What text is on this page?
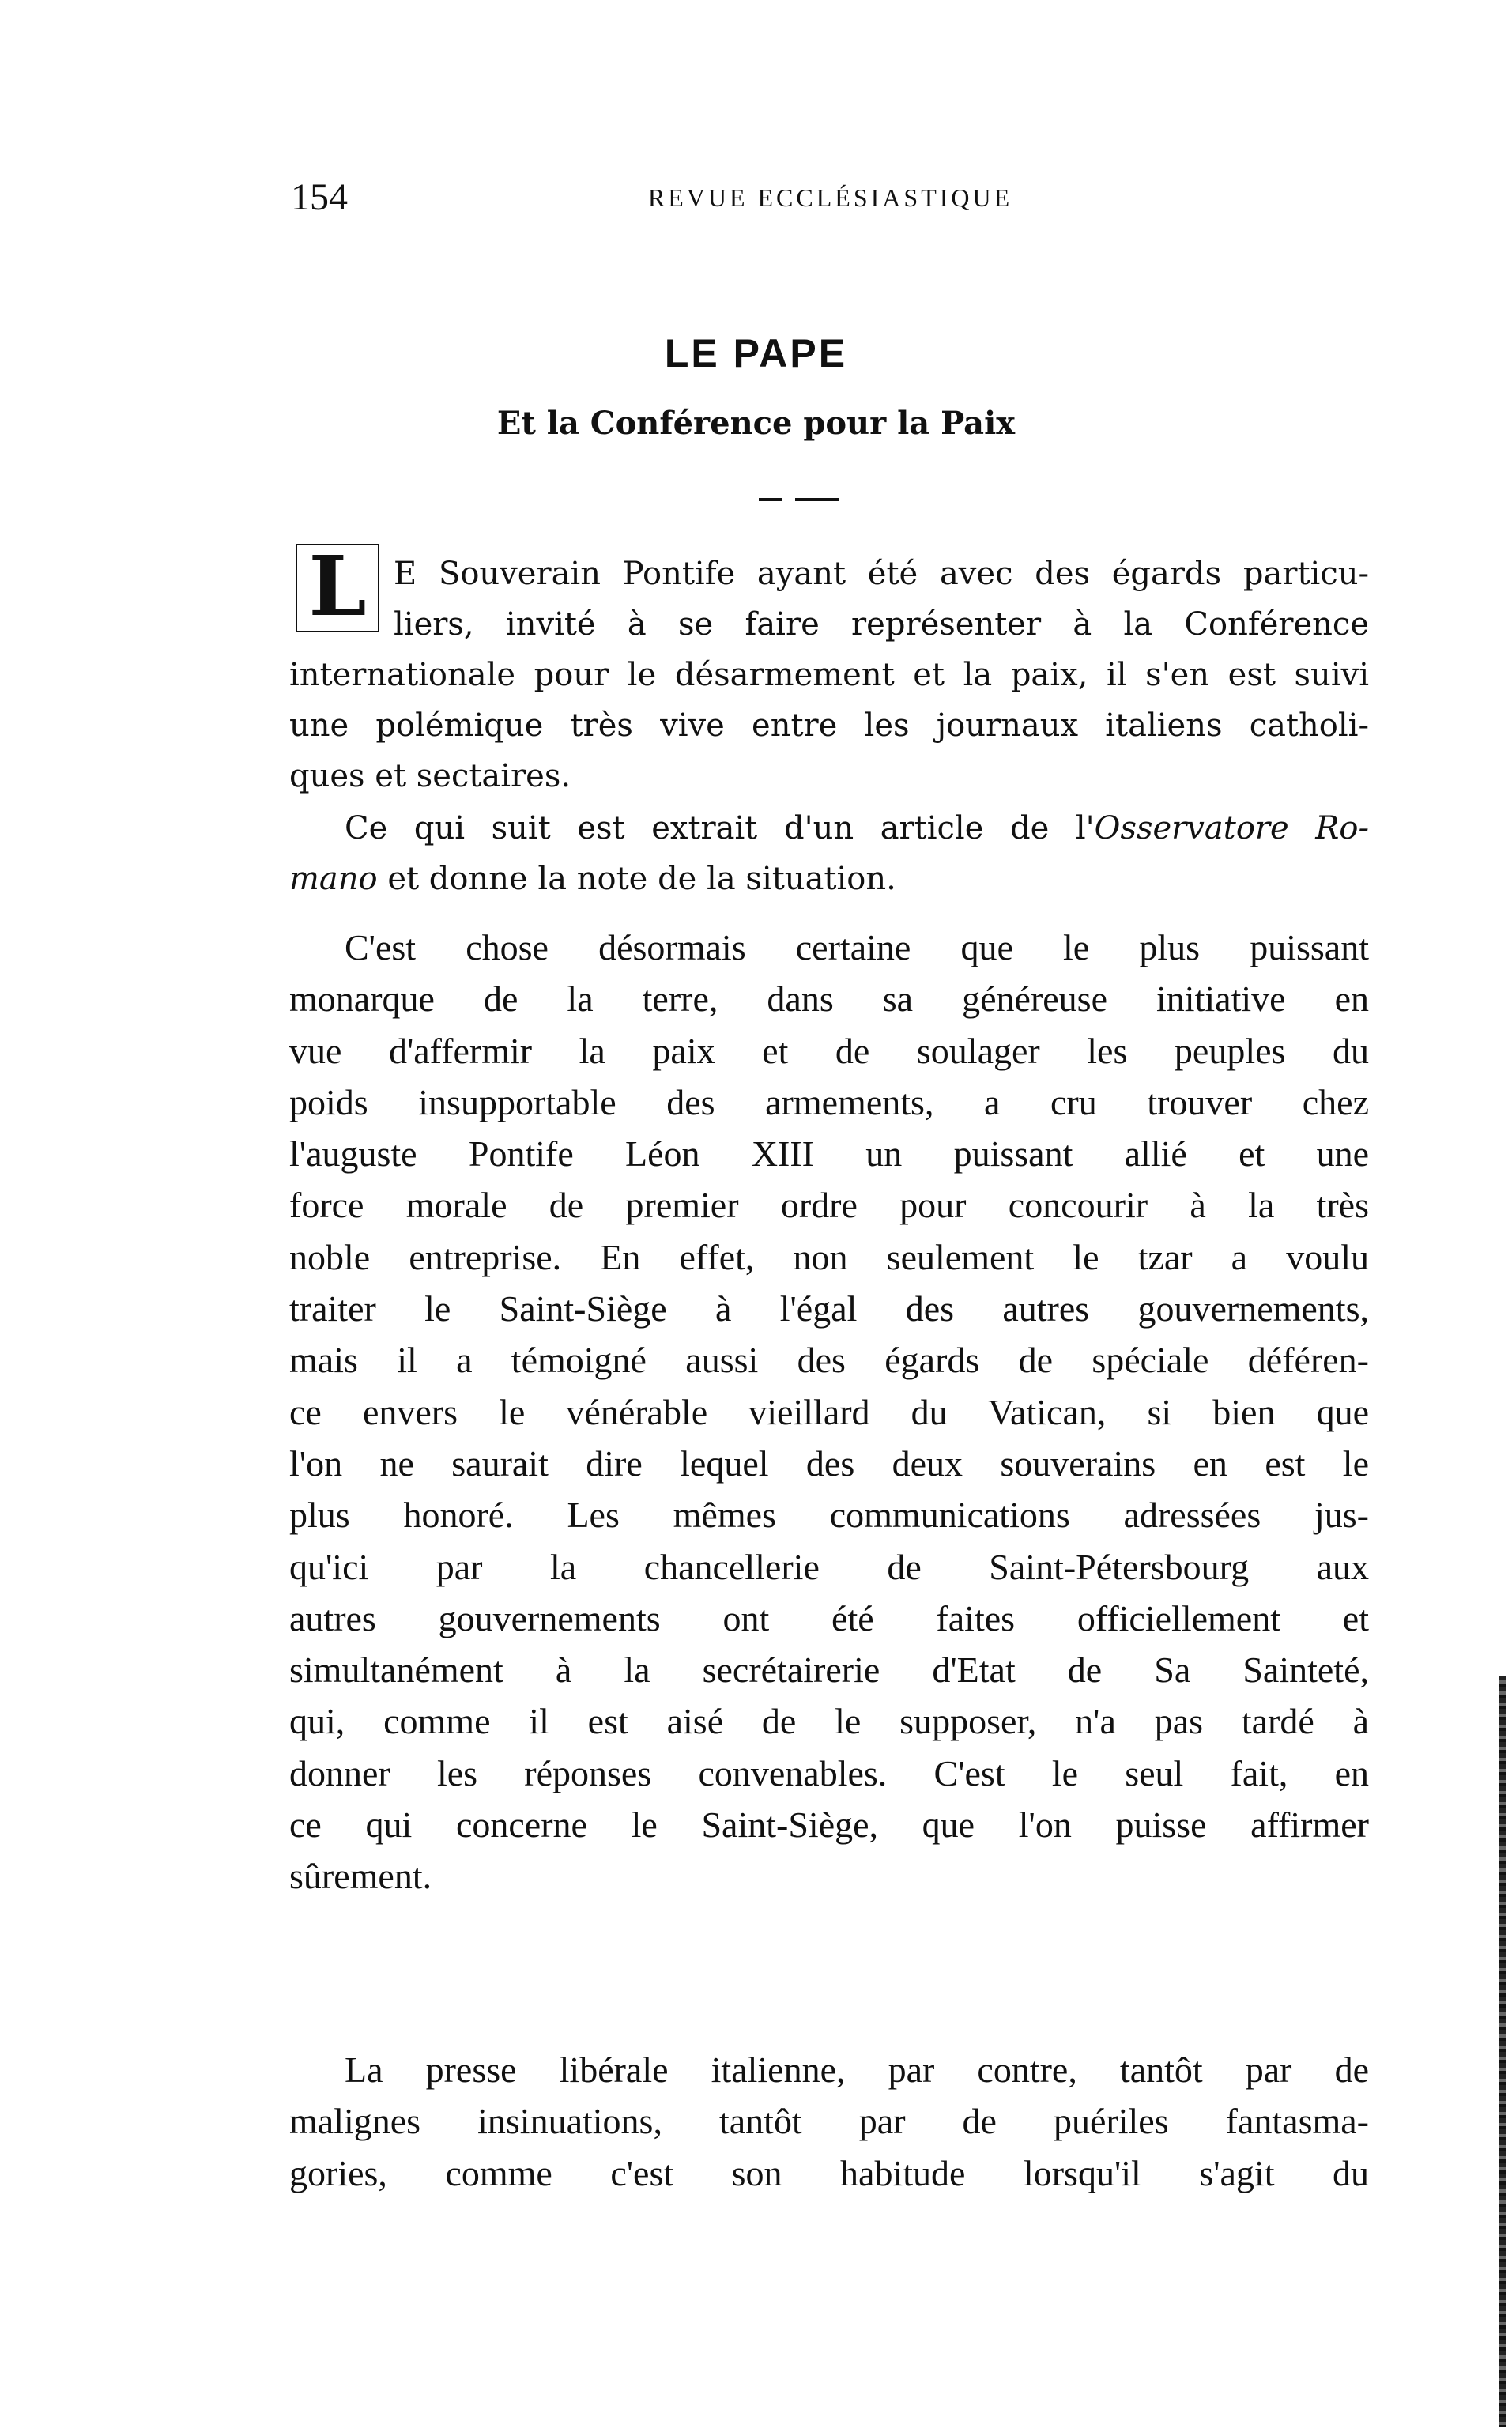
154	REVUE ECCLÉSIASTIQUE
LE PAPE
Et la Conférence pour la Paix
L E Souverain Pontife ayant été avec des égards particu-
liers, invité à se faire représenter à la Conférence
internationale pour le désarmement et la paix, il s'en est suivi
une polémique très vive entre les journaux italiens catholi-
ques et sectaires.
Ce qui suit est extrait d'un article de l'Osservatore Ro-
mano et donne la note de la situation.
C'est chose désormais certaine que le plus puissant
monarque de la terre, dans sa généreuse initiative en
vue d'affermir la paix et de soulager les peuples du
poids insupportable des armements, a cru trouver chez
l'auguste Pontife Léon XIII un puissant allié et une
force morale de premier ordre pour concourir à la très
noble entreprise. En effet, non seulement le tzar a voulu
traiter le Saint-Siège à l'égal des autres gouvernements,
mais il a témoigné aussi des égards de spéciale déféren-
ce envers le vénérable vieillard du Vatican, si bien que
l'on ne saurait dire lequel des deux souverains en est le
plus honoré. Les mêmes communications adressées jus-
qu'ici par la chancellerie de Saint-Pétersbourg aux
autres gouvernements ont été faites officiellement et
simultanément à la secrétairerie d'Etat de Sa Sainteté,
qui, comme il est aisé de le supposer, n'a pas tardé à
donner les réponses convenables. C'est le seul fait, en
ce qui concerne le Saint-Siège, que l'on puisse affirmer
sûrement.
La presse libérale italienne, par contre, tantôt par de
malignes insinuations, tantôt par de puériles fantasma-
gories, comme c'est son habitude lorsqu'il s'agit du
